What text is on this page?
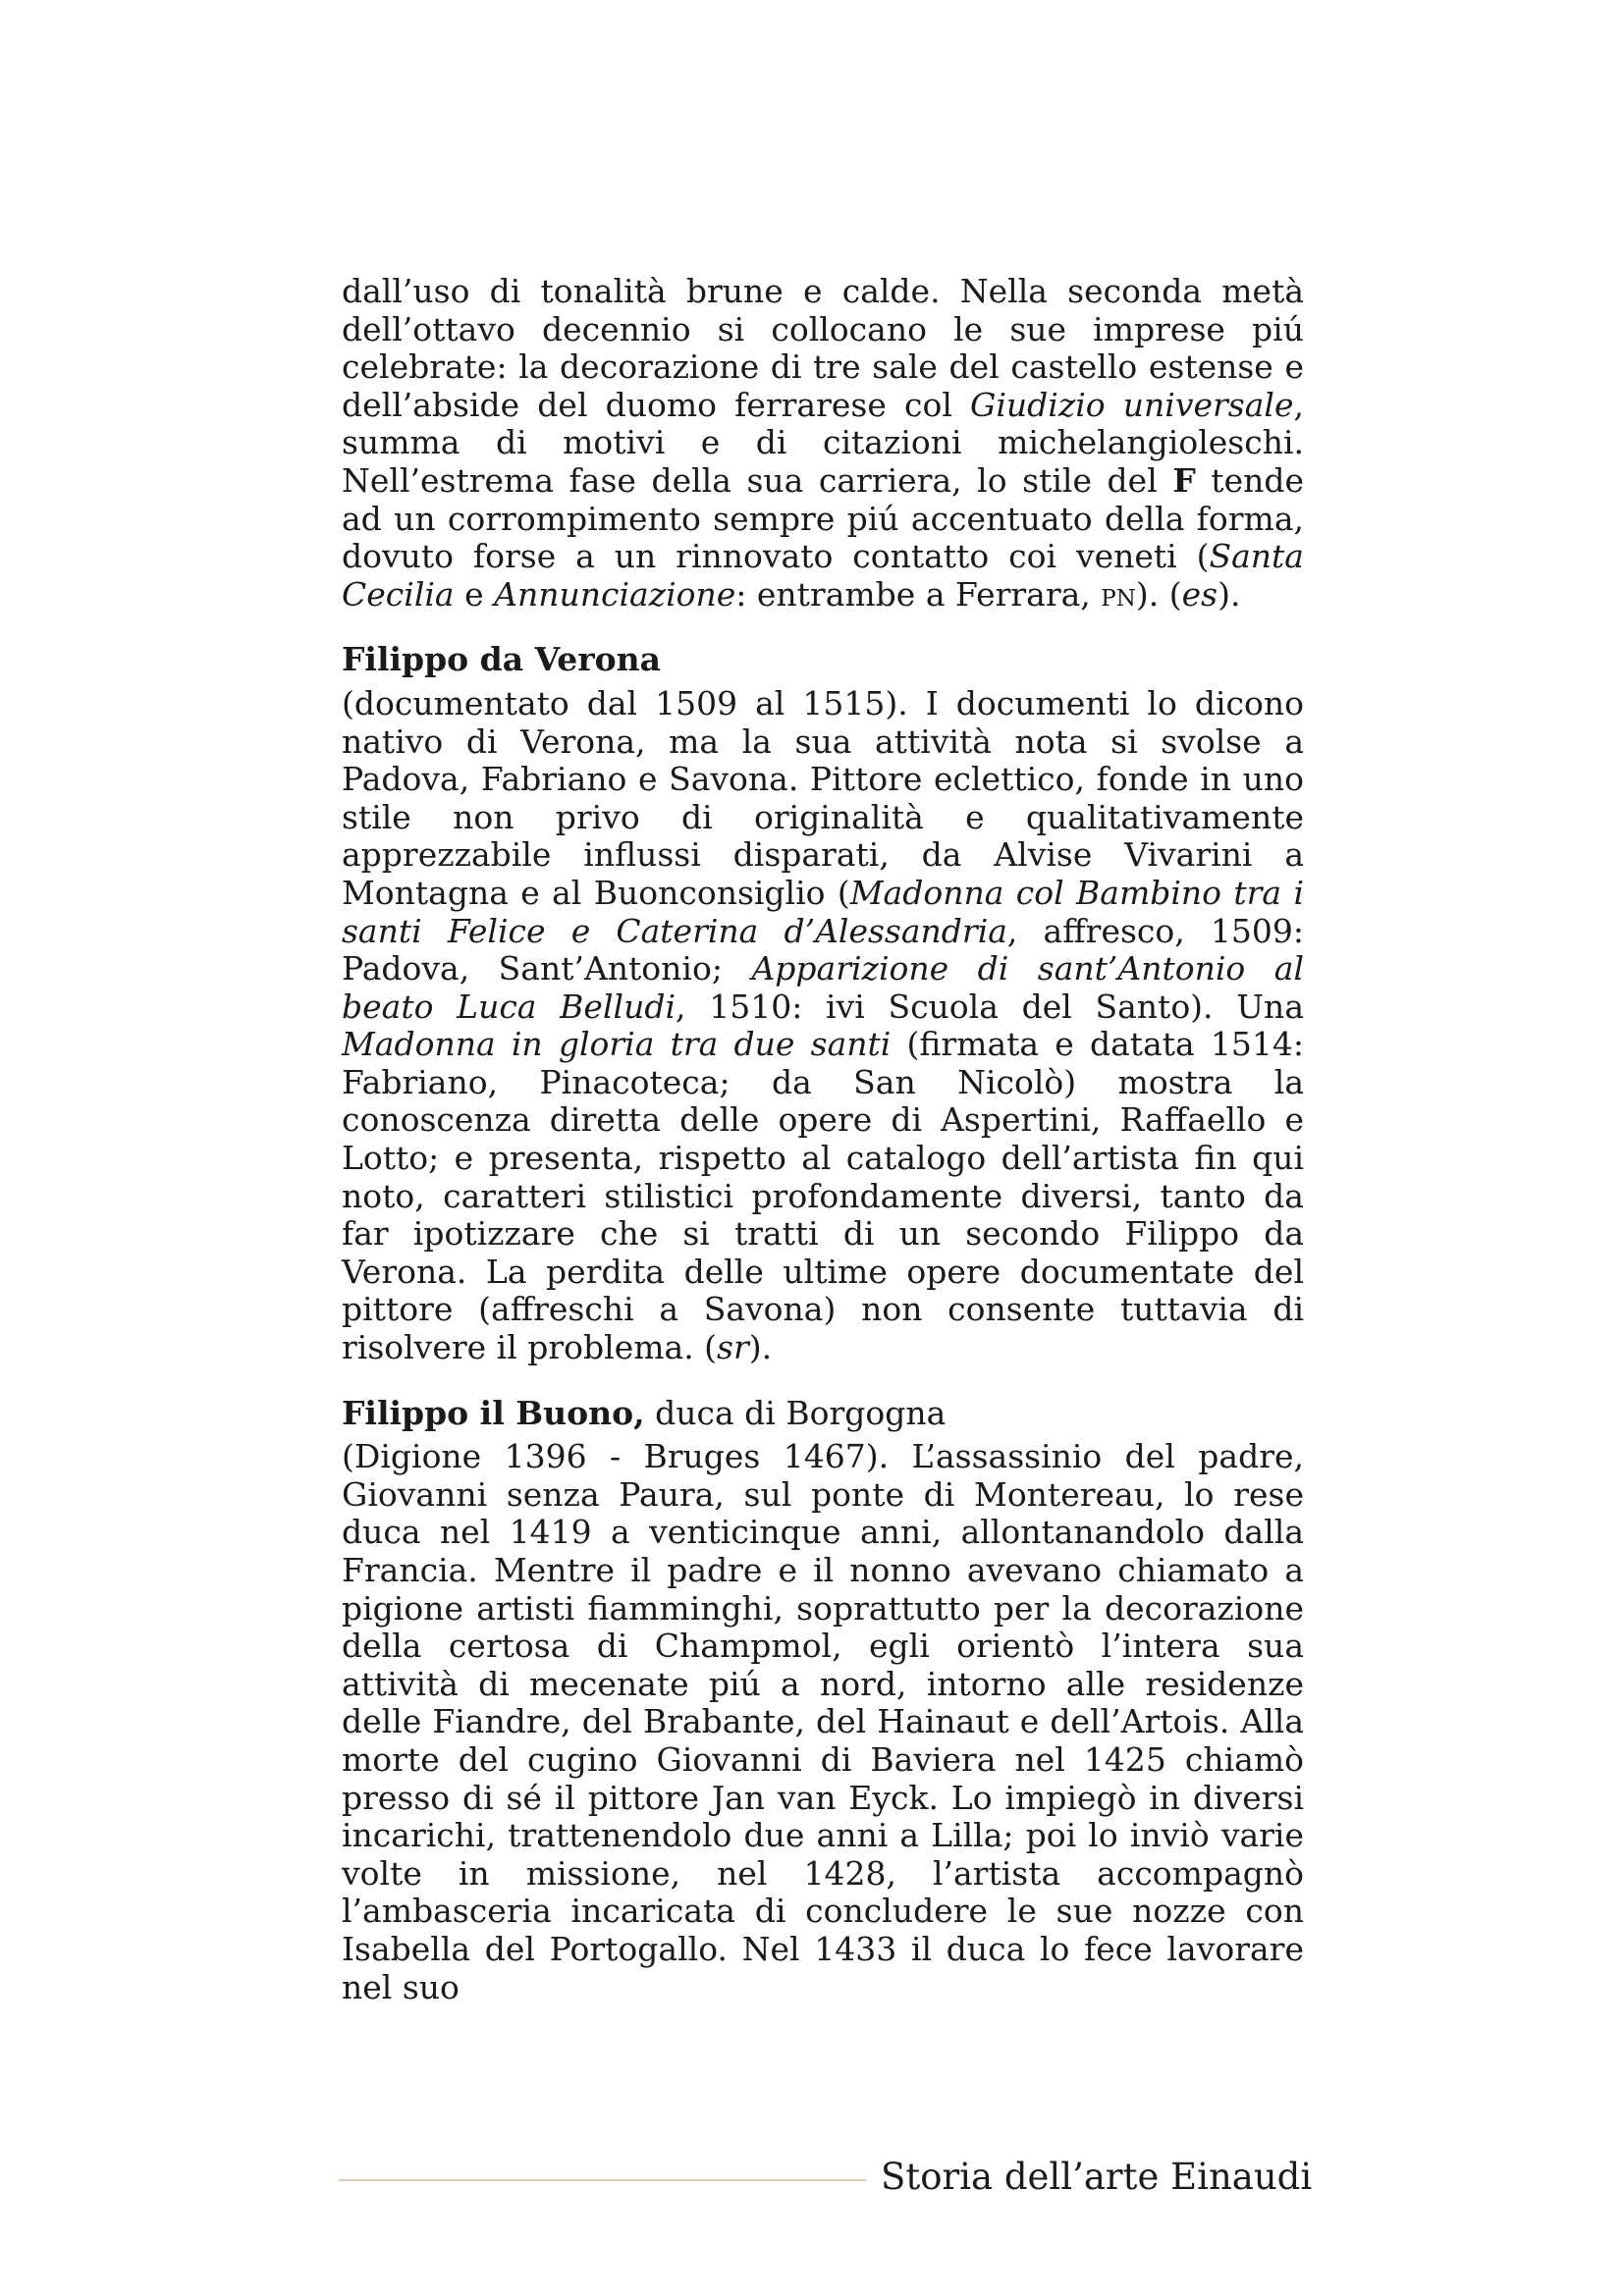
dall’uso di tonalità brune e calde. Nella seconda metà dell’ottavo decennio si collocano le sue imprese piú celebrate: la decorazione di tre sale del castello estense e dell’abside del duomo ferrarese col Giudizio universale, summa di motivi e di citazioni michelangioleschi. Nell’estrema fase della sua carriera, lo stile del F tende ad un corrompimento sempre piú accentuato della forma, dovuto forse a un rinnovato contatto coi veneti (Santa Cecilia e Annunciazione: entrambe a Ferrara, pn). (es).

Filippo da Verona

(documentato dal 1509 al 1515). I documenti lo dicono nativo di Verona, ma la sua attività nota si svolse a Padova, Fabriano e Savona. Pittore eclettico, fonde in uno stile non privo di originalità e qualitativamente apprezzabile influssi disparati, da Alvise Vivarini a Montagna e al Buonconsiglio (Madonna col Bambino tra i santi Felice e Caterina d’Alessandria, affresco, 1509: Padova, Sant’Antonio; Apparizione di sant’Antonio al beato Luca Belludi, 1510: ivi Scuola del Santo). Una Madonna in gloria tra due santi (firmata e datata 1514: Fabriano, Pinacoteca; da San Nicolò) mostra la conoscenza diretta delle opere di Aspertini, Raffaello e Lotto; e presenta, rispetto al catalogo dell’artista fin qui noto, caratteri stilistici profondamente diversi, tanto da far ipotizzare che si tratti di un secondo Filippo da Verona. La perdita delle ultime opere documentate del pittore (affreschi a Savona) non consente tuttavia di risolvere il problema. (sr).

Filippo il Buono, duca di Borgogna

(Digione 1396 - Bruges 1467). L’assassinio del padre, Giovanni senza Paura, sul ponte di Montereau, lo rese duca nel 1419 a venticinque anni, allontanandolo dalla Francia. Mentre il padre e il nonno avevano chiamato a pigione artisti fiamminghi, soprattutto per la decorazione della certosa di Champmol, egli orientò l’intera sua attività di mecenate piú a nord, intorno alle residenze delle Fiandre, del Brabante, del Hainaut e dell’Artois. Alla morte del cugino Giovanni di Baviera nel 1425 chiamò presso di sé il pittore Jan van Eyck. Lo impiegò in diversi incarichi, trattenendolo due anni a Lilla; poi lo inviò varie volte in missione, nel 1428, l’artista accompagnò l’ambasceria incaricata di concludere le sue nozze con Isabella del Portogallo. Nel 1433 il duca lo fece lavorare nel suo

Storia dell’arte Einaudi
